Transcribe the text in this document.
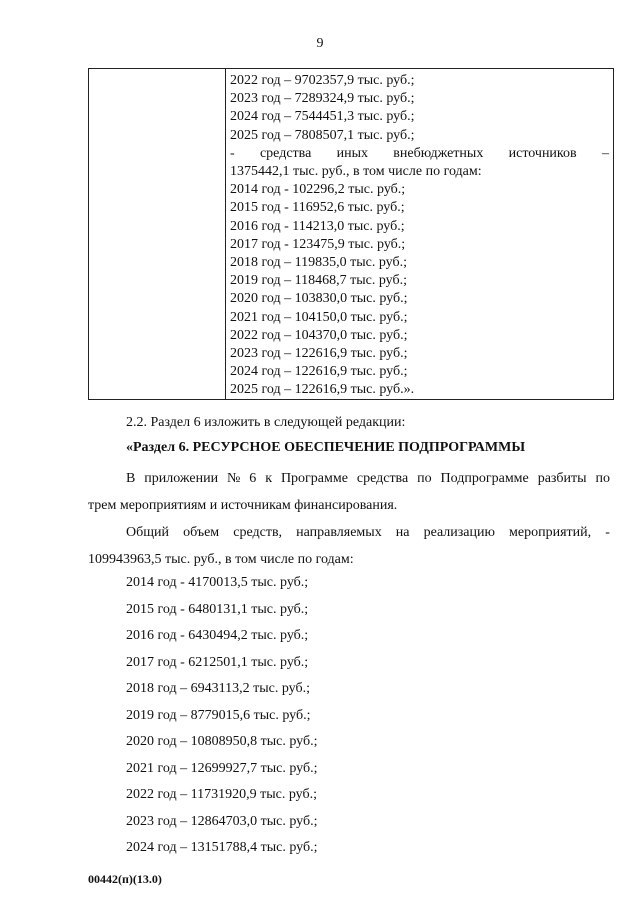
9
2022 год – 9702357,9 тыс. руб.;
2023 год – 7289324,9 тыс. руб.;
2024 год – 7544451,3 тыс. руб.;
2025 год – 7808507,1 тыс. руб.;
- средства иных внебюджетных источников –
1375442,1 тыс. руб., в том числе по годам:
2014 год - 102296,2 тыс. руб.;
2015 год - 116952,6 тыс. руб.;
2016 год - 114213,0 тыс. руб.;
2017 год - 123475,9 тыс. руб.;
2018 год – 119835,0 тыс. руб.;
2019 год – 118468,7 тыс. руб.;
2020 год – 103830,0 тыс. руб.;
2021 год – 104150,0 тыс. руб.;
2022 год – 104370,0 тыс. руб.;
2023 год – 122616,9 тыс. руб.;
2024 год – 122616,9 тыс. руб.;
2025 год – 122616,9 тыс. руб.».
2.2. Раздел 6 изложить в следующей редакции:
«Раздел 6. РЕСУРСНОЕ ОБЕСПЕЧЕНИЕ ПОДПРОГРАММЫ
В приложении № 6 к Программе средства по Подпрограмме разбиты по
трем мероприятиям и источникам финансирования.
Общий объем средств, направляемых на реализацию мероприятий, -
109943963,5 тыс. руб., в том числе по годам:
2014 год - 4170013,5 тыс. руб.;
2015 год - 6480131,1 тыс. руб.;
2016 год - 6430494,2 тыс. руб.;
2017 год - 6212501,1 тыс. руб.;
2018 год – 6943113,2 тыс. руб.;
2019 год – 8779015,6 тыс. руб.;
2020 год – 10808950,8 тыс. руб.;
2021 год – 12699927,7 тыс. руб.;
2022 год – 11731920,9 тыс. руб.;
2023 год – 12864703,0 тыс. руб.;
2024 год – 13151788,4 тыс. руб.;
00442(п)(13.0)
